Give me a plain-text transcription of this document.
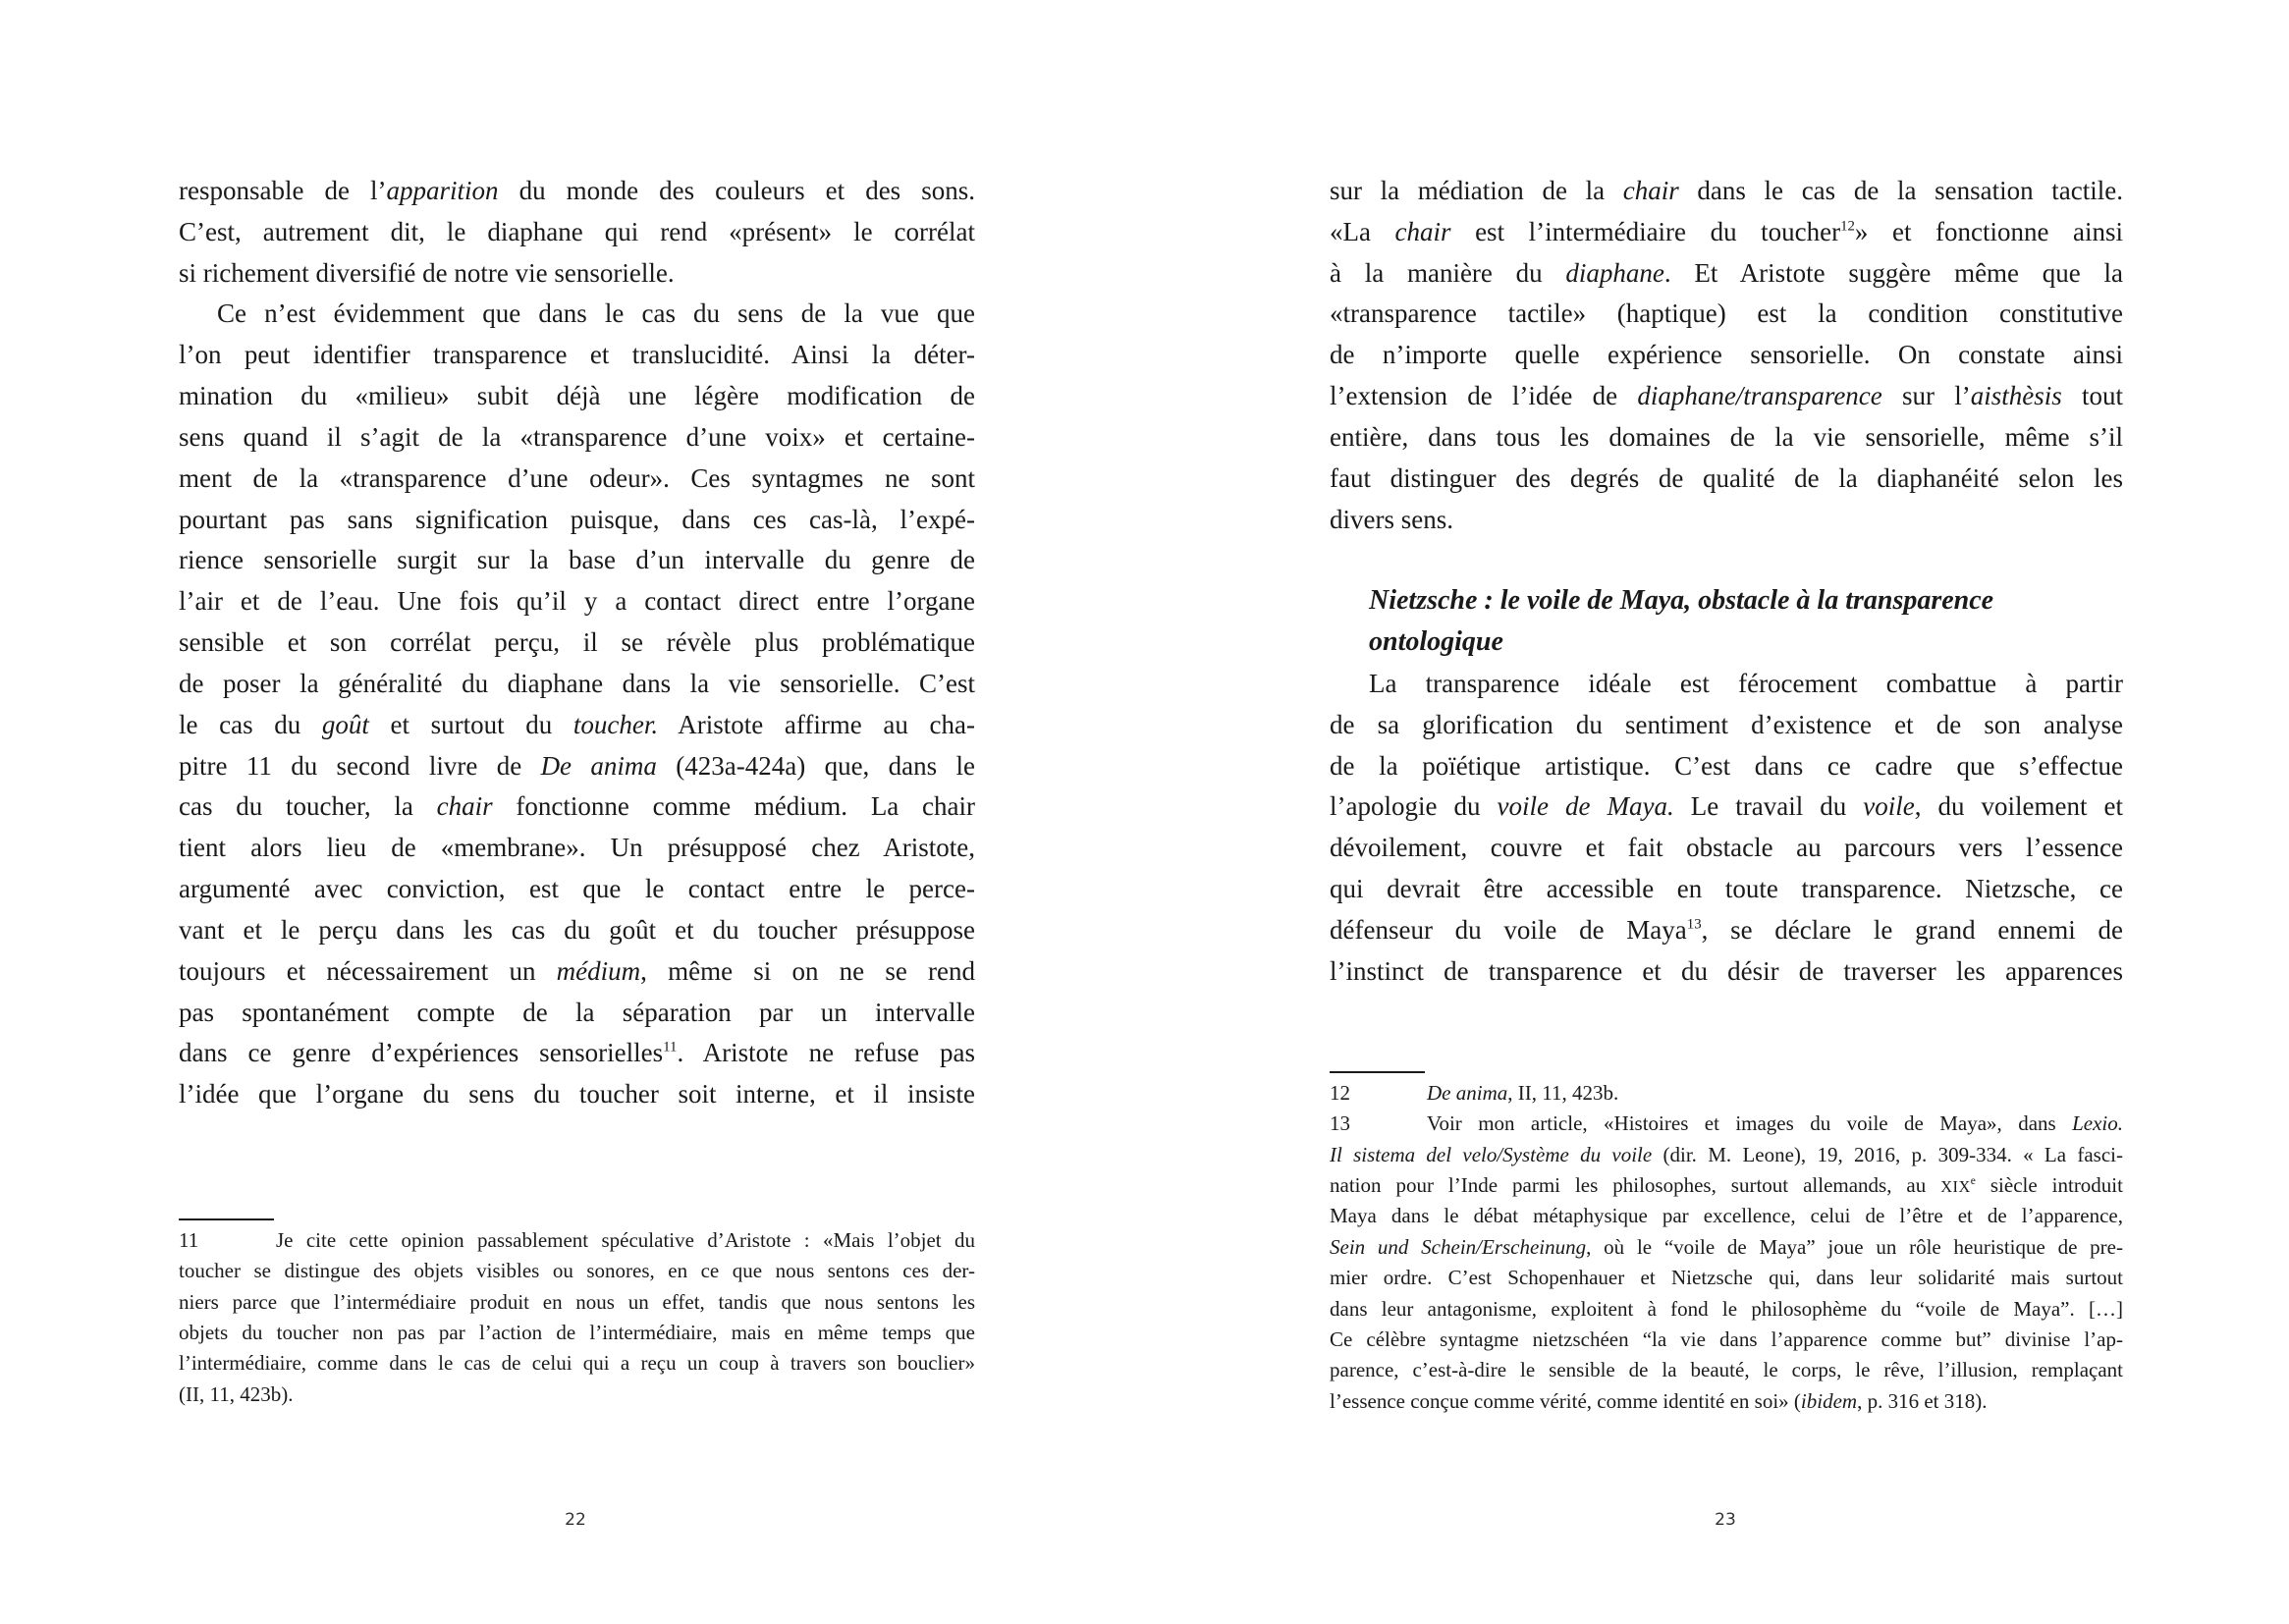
22
responsable de l’apparition du monde des couleurs et des sons.
C’est, autrement dit, le diaphane qui rend «présent» le corrélat
si richement diversifié de notre vie sensorielle.
Ce n’est évidemment que dans le cas du sens de la vue que
l’on peut identifier transparence et translucidité. Ainsi la déter-
mination du «milieu» subit déjà une légère modification de
sens quand il s’agit de la «transparence d’une voix» et certaine-
ment de la «transparence d’une odeur». Ces syntagmes ne sont
pourtant pas sans signification puisque, dans ces cas-là, l’expé-
rience sensorielle surgit sur la base d’un intervalle du genre de
l’air et de l’eau. Une fois qu’il y a contact direct entre l’organe
sensible et son corrélat perçu, il se révèle plus problématique
de poser la généralité du diaphane dans la vie sensorielle. C’est
le cas du goût et surtout du toucher. Aristote affirme au cha-
pitre 11 du second livre de De anima (423a-424a) que, dans le
cas du toucher, la chair fonctionne comme médium. La chair
tient alors lieu de «membrane». Un présupposé chez Aristote,
argumenté avec conviction, est que le contact entre le perce-
vant et le perçu dans les cas du goût et du toucher présuppose
toujours et nécessairement un médium, même si on ne se rend
pas spontanément compte de la séparation par un intervalle
dans ce genre d’expériences sensorielles$^{11}$. Aristote ne refuse pas
l’idée que l’organe du sens du toucher soit interne, et il insiste
11	Je cite cette opinion passablement spéculative d’Aristote : «Mais l’objet du
toucher se distingue des objets visibles ou sonores, en ce que nous sentons ces der-
niers parce que l’intermédiaire produit en nous un effet, tandis que nous sentons les
objets du toucher non pas par l’action de l’intermédiaire, mais en même temps que
l’intermédiaire, comme dans le cas de celui qui a reçu un coup à travers son bouclier»
(II, 11, 423b).
23
sur la médiation de la chair dans le cas de la sensation tactile.
«La chair est l’intermédiaire du toucher$^{12}$» et fonctionne ainsi
à la manière du diaphane. Et Aristote suggère même que la
«transparence tactile» (haptique) est la condition constitutive
de n’importe quelle expérience sensorielle. On constate ainsi
l’extension de l’idée de diaphane/transparence sur l’aisthèsis tout
entière, dans tous les domaines de la vie sensorielle, même s’il
faut distinguer des degrés de qualité de la diaphanéité selon les
divers sens.
Nietzsche : le voile de Maya, obstacle à la transparence
ontologique
La transparence idéale est férocement combattue à partir
de sa glorification du sentiment d’existence et de son analyse
de la poïétique artistique. C’est dans ce cadre que s’effectue
l’apologie du voile de Maya. Le travail du voile, du voilement et
dévoilement, couvre et fait obstacle au parcours vers l’essence
qui devrait être accessible en toute transparence. Nietzsche, ce
défenseur du voile de Maya$^{13}$, se déclare le grand ennemi de
l’instinct de transparence et du désir de traverser les apparences
12	De anima, II, 11, 423b.
13	Voir mon article, «Histoires et images du voile de Maya», dans Lexio.
Il sistema del velo/Système du voile (dir. M. Leone), 19, 2016, p. 309-334. « La fasci-
nation pour l’Inde parmi les philosophes, surtout allemands, au XIXe siècle introduit
Maya dans le débat métaphysique par excellence, celui de l’être et de l’apparence,
Sein und Schein/Erscheinung, où le “voile de Maya” joue un rôle heuristique de pre-
mier ordre. C’est Schopenhauer et Nietzsche qui, dans leur solidarité mais surtout
dans leur antagonisme, exploitent à fond le philosophème du “voile de Maya”. […]
Ce célèbre syntagme nietzschéen “la vie dans l’apparence comme but” divinise l’ap-
parence, c’est-à-dire le sensible de la beauté, le corps, le rêve, l’illusion, remplaçant
l’essence conçue comme vérité, comme identité en soi» (ibidem, p. 316 et 318).
